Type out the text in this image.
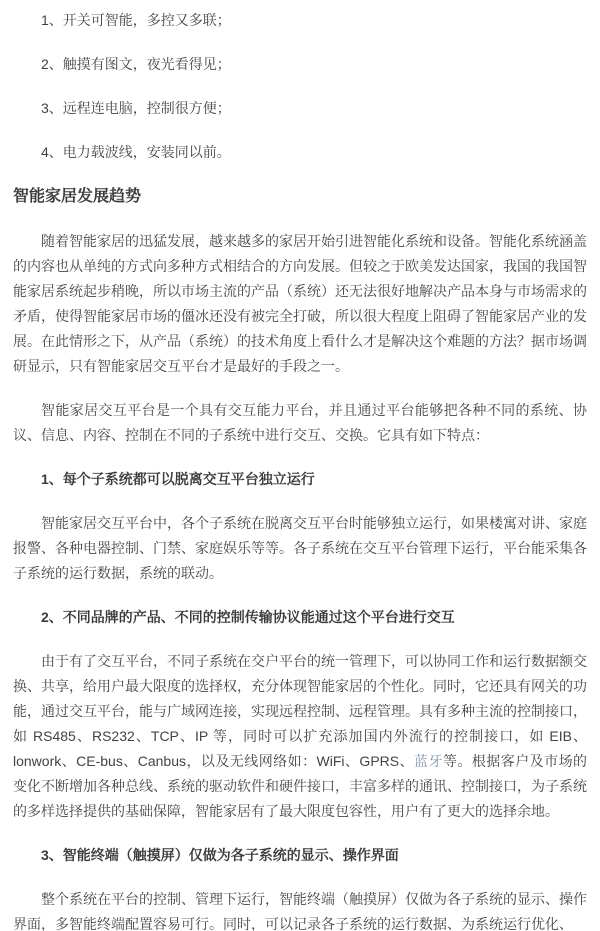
1、开关可智能，多控又多联；

2、触摸有图文，夜光看得见；

3、远程连电脑，控制很方便；

4、电力载波线，安装同以前。

智能家居发展趋势

随着智能家居的迅猛发展，越来越多的家居开始引进智能化系统和设备。智能化系统涵盖的内容也从单纯的方式向多种方式相结合的方向发展。但较之于欧美发达国家，我国的我国智能家居系统起步稍晚，所以市场主流的产品（系统）还无法很好地解决产品本身与市场需求的矛盾，使得智能家居市场的僵冰还没有被完全打破，所以很大程度上阻碍了智能家居产业的发展。在此情形之下，从产品（系统）的技术角度上看什么才是解决这个难题的方法？据市场调研显示，只有智能家居交互平台才是最好的手段之一。

智能家居交互平台是一个具有交互能力平台，并且通过平台能够把各种不同的系统、协议、信息、内容、控制在不同的子系统中进行交互、交换。它具有如下特点：

1、每个子系统都可以脱离交互平台独立运行

智能家居交互平台中，各个子系统在脱离交互平台时能够独立运行，如果楼寓对讲、家庭报警、各种电器控制、门禁、家庭娱乐等等。各子系统在交互平台管理下运行，平台能采集各子系统的运行数据，系统的联动。

2、不同品牌的产品、不同的控制传输协议能通过这个平台进行交互

由于有了交互平台，不同子系统在交户平台的统一管理下，可以协同工作和运行数据额交换、共享，给用户最大限度的选择权，充分体现智能家居的个性化。同时，它还具有网关的功能，通过交互平台，能与广域网连接，实现远程控制、远程管理。具有多种主流的控制接口，如 RS485、RS232、TCP、IP 等，同时可以扩充添加国内外流行的控制接口，如 EIB、lonwork、CE-bus、Canbus，以及无线网络如：WiFi、GPRS、蓝牙等。根据客户及市场的变化不断增加各种总线、系统的驱动软件和硬件接口，丰富多样的通讯、控制接口，为子系统的多样选择提供的基础保障，智能家居有了最大限度包容性，用户有了更大的选择余地。

3、智能终端（触摸屏）仅做为各子系统的显示、操作界面

整个系统在平台的控制、管理下运行，智能终端（触摸屏）仅做为各子系统的显示、操作界面，多智能终端配置容易可行。同时，可以记录各子系统的运行数据、为系统运行优化、
